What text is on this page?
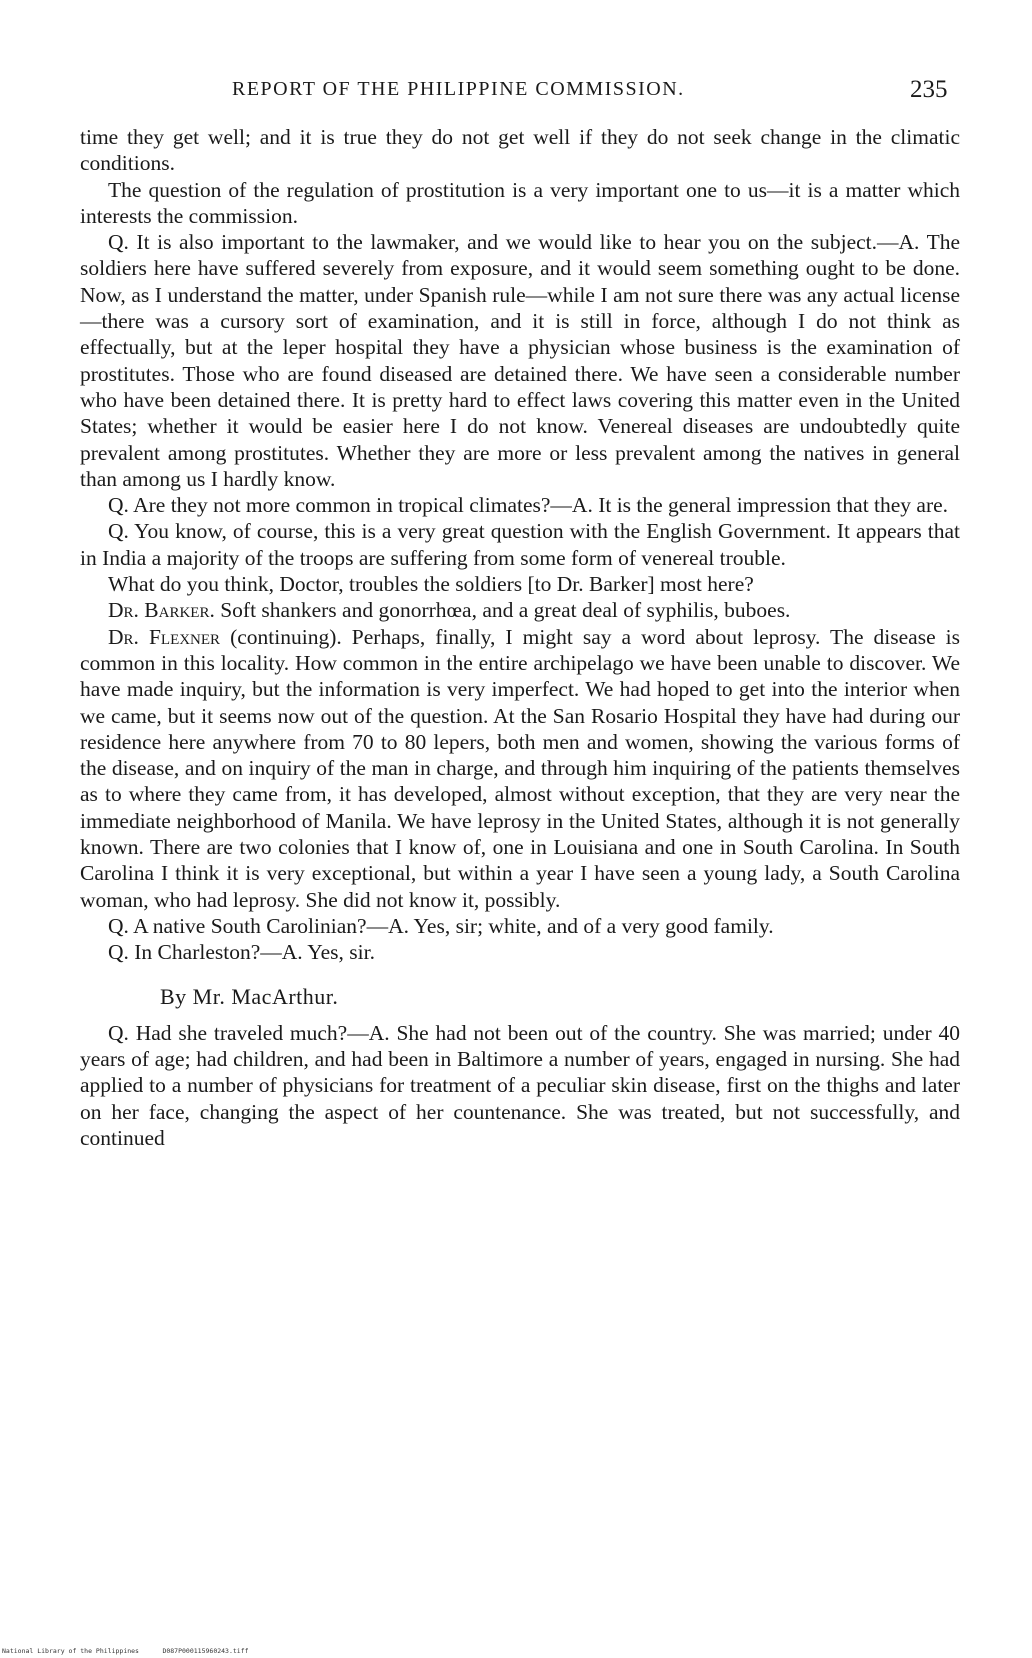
REPORT OF THE PHILIPPINE COMMISSION.	235

time they get well; and it is true they do not get well if they do not seek change in the climatic conditions.

The question of the regulation of prostitution is a very important one to us—it is a matter which interests the commission.

Q. It is also important to the lawmaker, and we would like to hear you on the subject.—A. The soldiers here have suffered severely from exposure, and it would seem something ought to be done. Now, as I understand the matter, under Spanish rule—while I am not sure there was any actual license—there was a cursory sort of examination, and it is still in force, although I do not think as effectually, but at the leper hospital they have a physician whose business is the examination of prostitutes. Those who are found diseased are detained there. We have seen a considerable number who have been detained there. It is pretty hard to effect laws covering this matter even in the United States; whether it would be easier here I do not know. Venereal diseases are undoubtedly quite prevalent among prostitutes. Whether they are more or less prevalent among the natives in general than among us I hardly know.

Q. Are they not more common in tropical climates?—A. It is the general impression that they are.

Q. You know, of course, this is a very great question with the English Government. It appears that in India a majority of the troops are suffering from some form of venereal trouble.

What do you think, Doctor, troubles the soldiers [to Dr. Barker] most here?

Dr. Barker. Soft shankers and gonorrhœa, and a great deal of syphilis, buboes.

Dr. Flexner (continuing). Perhaps, finally, I might say a word about leprosy. The disease is common in this locality. How common in the entire archipelago we have been unable to discover. We have made inquiry, but the information is very imperfect. We had hoped to get into the interior when we came, but it seems now out of the question. At the San Rosario Hospital they have had during our residence here anywhere from 70 to 80 lepers, both men and women, showing the various forms of the disease, and on inquiry of the man in charge, and through him inquiring of the patients themselves as to where they came from, it has developed, almost without exception, that they are very near the immediate neighborhood of Manila. We have leprosy in the United States, although it is not generally known. There are two colonies that I know of, one in Louisiana and one in South Carolina. In South Carolina I think it is very exceptional, but within a year I have seen a young lady, a South Carolina woman, who had leprosy. She did not know it, possibly.

Q. A native South Carolinian?—A. Yes, sir; white, and of a very good family.

Q. In Charleston?—A. Yes, sir.

By Mr. MacArthur.

Q. Had she traveled much?—A. She had not been out of the country. She was married; under 40 years of age; had children, and had been in Baltimore a number of years, engaged in nursing. She had applied to a number of physicians for treatment of a peculiar skin disease, first on the thighs and later on her face, changing the aspect of her countenance. She was treated, but not successfully, and continued

National Library of the Philippines      D087P000115960243.tiff
